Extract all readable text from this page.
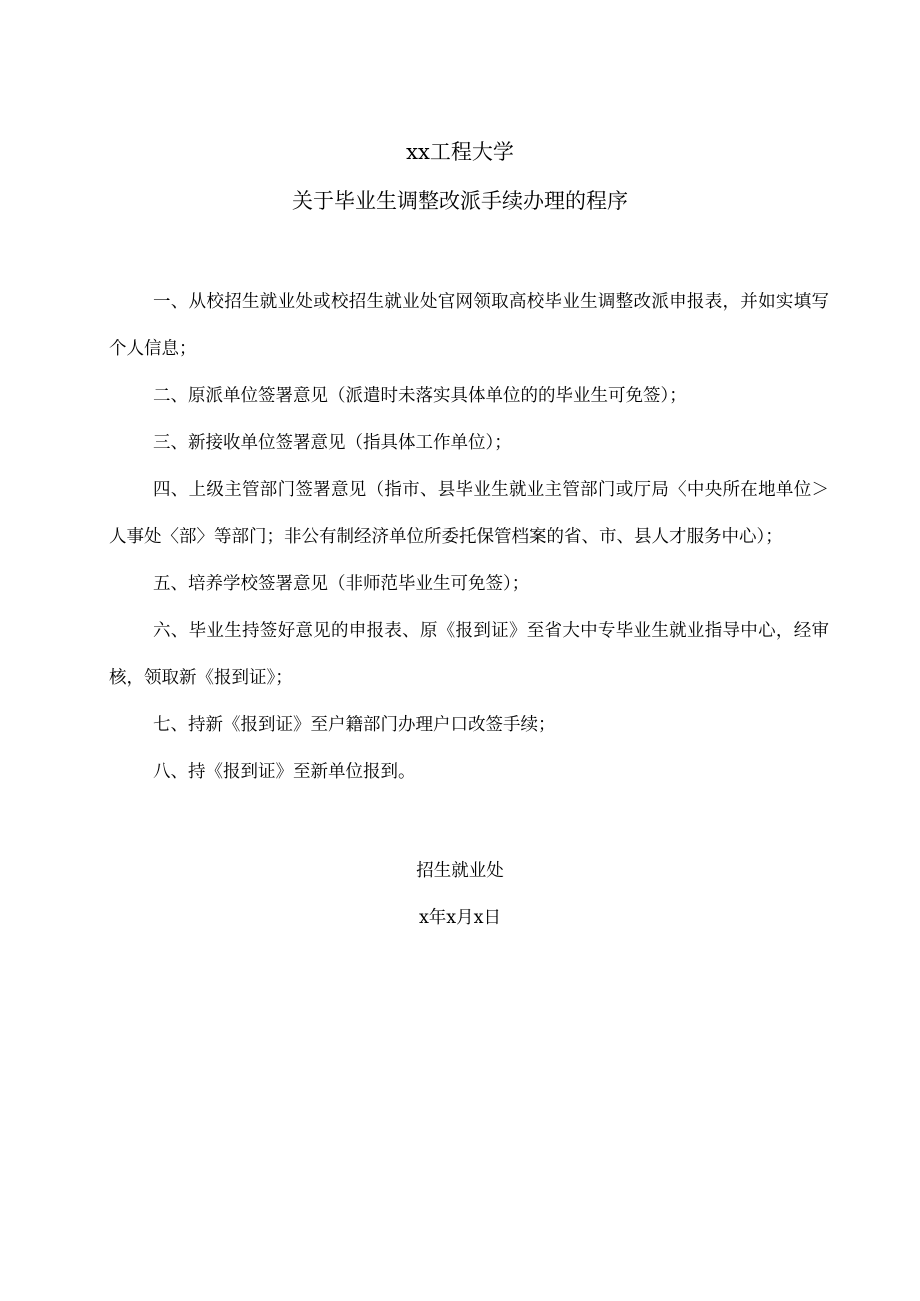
xx工程大学
关于毕业生调整改派手续办理的程序

一、从校招生就业处或校招生就业处官网领取高校毕业生调整改派申报表，并如实填写个人信息；

二、原派单位签署意见（派遣时未落实具体单位的的毕业生可免签）；

三、新接收单位签署意见（指具体工作单位）；

四、上级主管部门签署意见（指市、县毕业生就业主管部门或厅局〈中央所在地单位＞人事处〈部〉等部门；非公有制经济单位所委托保管档案的省、市、县人才服务中心）；

五、培养学校签署意见（非师范毕业生可免签）；

六、毕业生持签好意见的申报表、原《报到证》至省大中专毕业生就业指导中心，经审核，领取新《报到证》；

七、持新《报到证》至户籍部门办理户口改签手续；

八、持《报到证》至新单位报到。

招生就业处
x年x月x日
